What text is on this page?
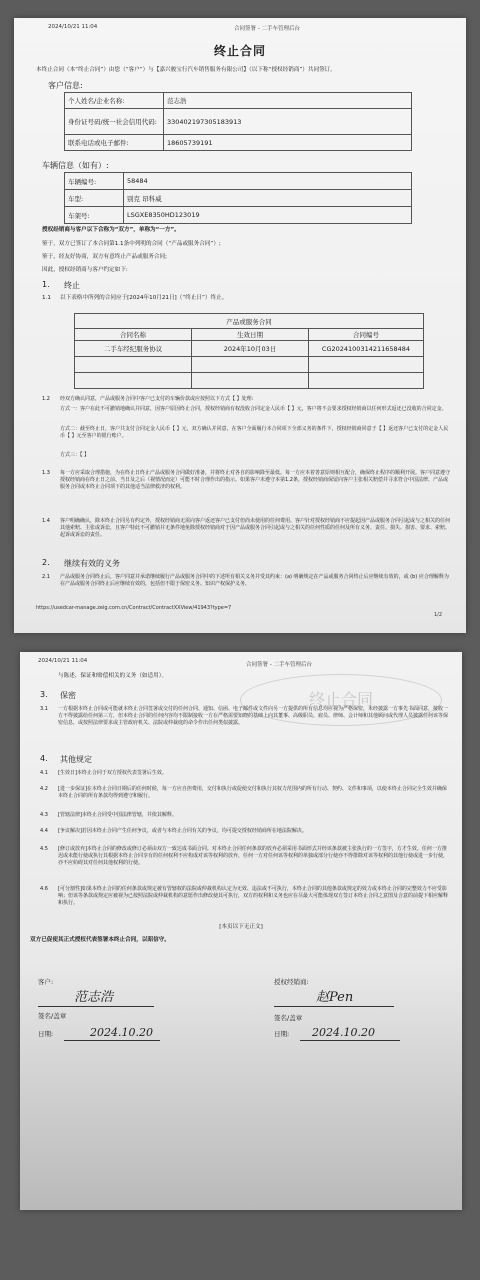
2024/10/21 11:04	合同签署 - 二手车管理后台
终止合同
本终止合同（本“终止合同”）由您（“客户”）与【嘉兴骏宝行汽车销售服务有限公司】（以下称“授权经销商”）共同签订。
客户信息:
个人姓名/企业名称:	范志浩
身份证号码/统一社会信用代码:	330402197305183913
联系电话或电子邮件:	18605739191
车辆信息（如有）:
车辆编号:	58484
车型:	别克 昂科威
车架号:	LSGXE8350HD123019
授权经销商与客户以下合称为“双方”，单称为“一方”。
鉴于，双方已签订了本合同第1.1条中列明的合同（“产品或服务合同”）;
鉴于，经友好协商，双方有意终止产品或服务合同;
因此，授权经销商与客户约定如下:
1. 终止
1.1 以下表格中所列的合同应于[2024年10月21日]（“终止日”）终止。
产品或服务合同		
合同名称	生效日期	合同编号
二手车经纪服务协议	2024年10月03日	CG2024100314211658484

1.2 经双方确认同意，产品或服务合同中客户已支付的车辆价款或应按照以下方式【 】处理:
方式一：客户在此不可撤销地确认并同意，因客户原因终止合同，授权经销商有权没收合同定金人民币【 】元，客户将不会要求授权经销商以任何形式返还已没收的合同定金。
方式二：截至终止日，客户共支付合同定金人民币【 】元，双方确认并同意，在客户全面履行本合同项下全部义务的条件下，授权经销商同意于【 】返还客户已支付的定金人民币【 】元至客户的银行账户。
方式三：【 】
1.3 每一方应采取合理措施，为在终止日终止产品或服务合同做好准备，并将终止对各自的影响降至最低。每一方应本着善意原则相互配合，确保终止程序的顺利开展。客户同意遵守授权经销商在终止日之前、当日及之后（视情况而定）可能不时合理作出的指示。如果客户未遵守本第1.2条，授权经销商保留向客户主张相关赔偿并寻求符合中国法律、产品或服务合同或本终止合同项下的其他适当法律救济的权利。
1.4 客户明确确认，除本终止合同另有约定外，授权经销商无需向客户返还客户已支付但尚未使用的任何费用。客户针对授权经销商不应提起因产品或服务合同引起或与之相关的任何其他索赔、主张或诉讼，且客户特此不可撤销并无条件地免除授权经销商对于因产品或服务合同引起或与之相关的任何性质的任何及所有义务、责任、损失、损害、要求、索赔、起诉或诉讼的责任。
2. 继续有效的义务
2.1 产品或服务合同终止后，客户同意并承诺继续履行产品或服务合同中的下述所有相关义务并受其约束：(a) 明确规定在产品或服务合同终止后应继续有效的，或 (b) 应合理解释为在产品或服务合同终止后应继续有效的，包括但不限于保密义务、知识产权保护义务、
https://usedcar-manage.zeig.com.cn/Contract/ContractXXView/41943?type=7
1/2
2024/10/21 11:04
合同签署 - 二手车管理后台
终止合同
与陈述、保证和赔偿相关的义务（如适用）。
3. 保密
3.1 一方根据本终止合同或可能就本终止合同签署或交付的任何合同、通知、信函、电子邮件或文件向另一方提供的所有信息均应视为严格保密，未经披露一方事先书面同意，接收一方不得披露给任何第三方，但本终止合同的任何内容均不限制接收一方在严格需要知晓的基础上向其董事、高级职员、雇员、律师、会计师和其他顾问或代理人员披露任何该等保密信息，或按照法律要求或主管政府机关、法院或仲裁庭的命令作出任何类似披露。
4. 其他规定
4.1 [生效日]本终止合同于双方授权代表签署后生效。
4.2 [进一步保证]在本终止合同日期后的任何时候，每一方应自担费用，交付和执行或促使交付和执行其权力范围内的所有行动、契约、文件和事项，以使本终止合同完全生效并确保本终止合同的所有条款均得到遵守和履行。
4.3 [管辖法律]本终止合同受中国法律管辖，并依其解释。
4.4 [争议解决]若因本终止合同产生任何争议，或者与本终止合同有关的争议，均可提交授权经销商所在地法院解决。
4.5 [修订或放弃]本终止合同的修改或修订必须由双方一致达成书面合同。对本终止合同任何条款的放弃必须采用书面形式并经该条款被主张执行的一方签字，方才生效。任何一方推迟或未能行使或执行其根据本终止合同享有的任何权利不应构成对该等权利的放弃，任何一方对任何该等权利的单独或部分行使亦不得排除对该等权利的其他行使或进一步行使，亦不应妨碍其对任何其他权利的行使。
4.6 [可分割性]如果本终止合同的任何条款或规定被有管辖权的法院或仲裁机构认定为无效、违法或不可执行，本终止合同的其他条款或规定的效力或本终止合同的完整效力不应受影响；但该等条款或规定应被视为已按照法院或仲裁机构的意愿作出修改使其可执行，双方的权利和义务也应在尽最大可能体现双方签订本终止合同之意图及合意的前提下相应解释和执行。
[本页以下无正文]
双方已促使其正式授权代表签署本终止合同，以昭信守。
客户:
范志浩
签名/盖章
日期:	2024.10.20
授权经销商:
赵Pen
签名/盖章
日期: 2024.10.20
